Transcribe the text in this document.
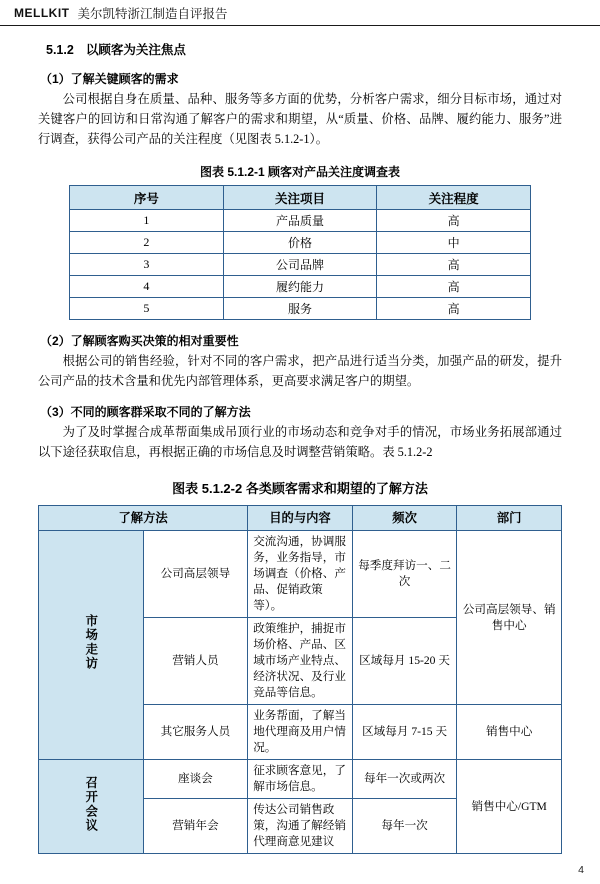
MELLKIT 美尔凯特浙江制造自评报告
5.1.2 以顾客为关注焦点
（1）了解关键顾客的需求

公司根据自身在质量、品种、服务等多方面的优势，分析客户需求，细分目标市场，通过对关键客户的回访和日常沟通了解客户的需求和期望，从“质量、价格、品牌、履约能力、服务”进行调查，获得公司产品的关注程度（见图表 5.1.2-1）。

图表 5.1.2-1 顾客对产品关注度调查表
序号	关注项目	关注程度
1	产品质量	高
2	价格	中
3	公司品牌	高
4	履约能力	高
5	服务	高
（2）了解顾客购买决策的相对重要性

根据公司的销售经验，针对不同的客户需求，把产品进行适当分类，加强产品的研发，提升公司产品的技术含量和优先内部管理体系，更高要求满足客户的期望。

（3）不同的顾客群采取不同的了解方法

为了及时掌握合成革帮面集成吊顶行业的市场动态和竞争对手的情况，市场业务拓展部通过以下途径获取信息，再根据正确的市场信息及时调整营销策略。表 5.1.2-2

图表 5.1.2-2 各类顾客需求和期望的了解方法
了解方法		目的与内容	频次	部门
市场走访	公司高层领导	交流沟通，协调服务，业务指导，市场调查（价格、产品、促销政策等）。	每季度拜访一、二次	公司高层领导、销售中心
	营销人员	政策维护，捕捉市场价格、产品、区域市场产业特点、经济状况、及行业竞品等信息。	区域每月 15-20 天	
	其它服务人员	业务帮面，了解当地代理商及用户情况。	区域每月 7-15 天	销售中心
召开会议	座谈会	征求顾客意见，了解市场信息。	每年一次或两次	销售中心/GTM
	营销年会	传达公司销售政策，沟通了解经销代理商意见建议	每年一次	
4
